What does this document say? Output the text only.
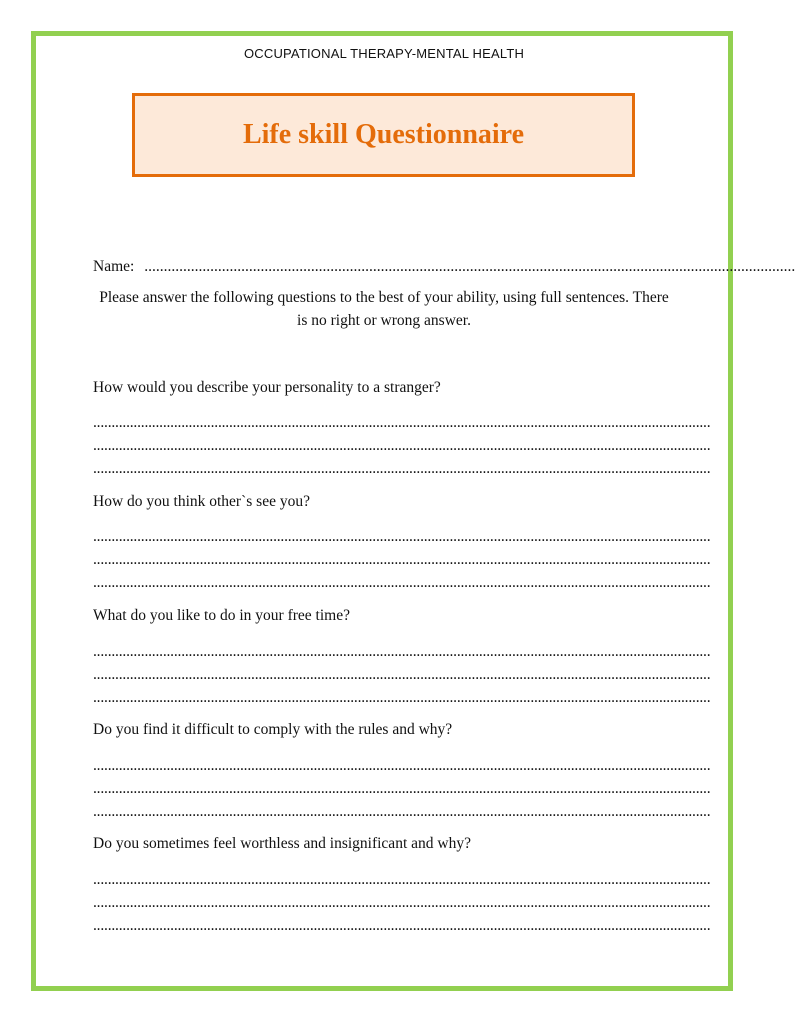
OCCUPATIONAL THERAPY-MENTAL HEALTH
Life skill Questionnaire
Name: ........................................................................................................................................................................
Please answer the following questions to the best of your ability, using full sentences. There is no right or wrong answer.
How would you describe your personality to a stranger?
........................................................................................................................................................................
........................................................................................................................................................................
........................................................................................................................................................................
How do you think other`s see you?
........................................................................................................................................................................
........................................................................................................................................................................
........................................................................................................................................................................
What do you like to do in your free time?
........................................................................................................................................................................
........................................................................................................................................................................
........................................................................................................................................................................
Do you find it difficult to comply with the rules and why?
........................................................................................................................................................................
........................................................................................................................................................................
........................................................................................................................................................................
Do you sometimes feel worthless and insignificant and why?
........................................................................................................................................................................
........................................................................................................................................................................
........................................................................................................................................................................
